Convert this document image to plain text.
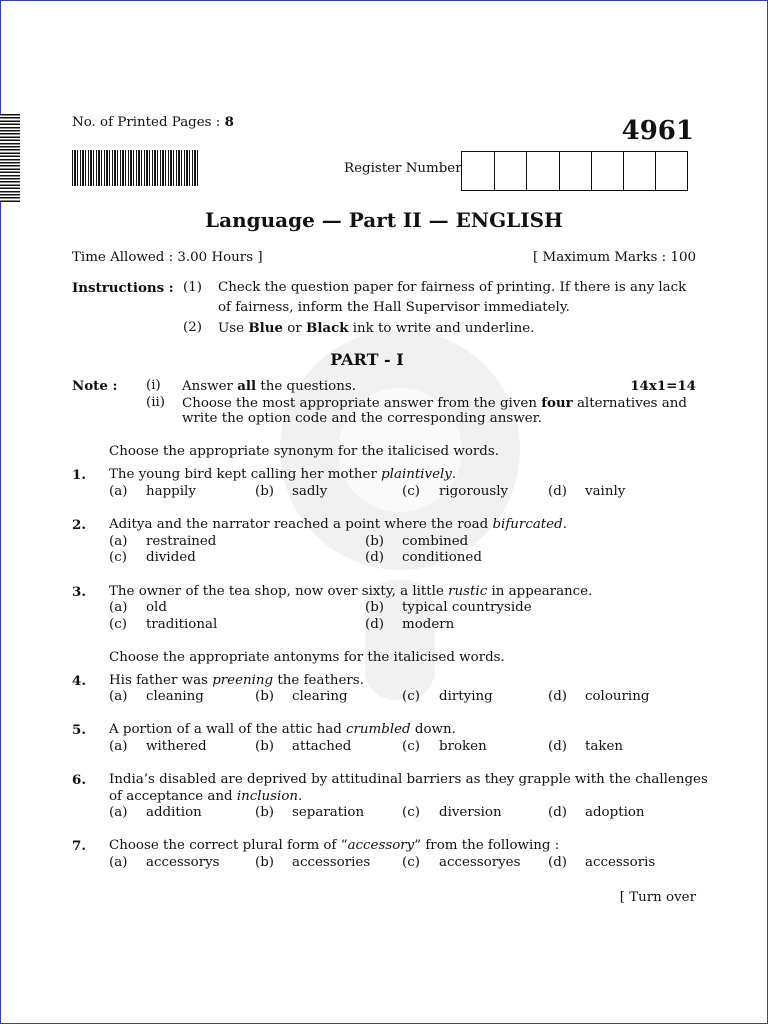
No. of Printed Pages : 8	4961
Register Number
Language — Part II — ENGLISH
Time Allowed : 3.00 Hours ]	[ Maximum Marks : 100
Instructions : (1) Check the question paper for fairness of printing. If there is any lack
of fairness, inform the Hall Supervisor immediately.
(2) Use Blue or Black ink to write and underline.
PART - I
Note : (i) Answer all the questions.	14x1=14
(ii) Choose the most appropriate answer from the given four alternatives and
write the option code and the corresponding answer.
Choose the appropriate synonym for the italicised words.
1. The young bird kept calling her mother plaintively.
(a) happily	(b) sadly	(c) rigorously	(d) vainly
2. Aditya and the narrator reached a point where the road bifurcated.
(a) restrained	(b) combined
(c) divided	(d) conditioned
3. The owner of the tea shop, now over sixty, a little rustic in appearance.
(a) old	(b) typical countryside
(c) traditional	(d) modern
Choose the appropriate antonyms for the italicised words.
4. His father was preening the feathers.
(a) cleaning	(b) clearing	(c) dirtying	(d) colouring
5. A portion of a wall of the attic had crumbled down.
(a) withered	(b) attached	(c) broken	(d) taken
6. India’s disabled are deprived by attitudinal barriers as they grapple with the challenges
of acceptance and inclusion.
(a) addition	(b) separation	(c) diversion	(d) adoption
7. Choose the correct plural form of “accessory” from the following :
(a) accessorys	(b) accessories (c) accessoryes (d) accessoris
[ Turn over
